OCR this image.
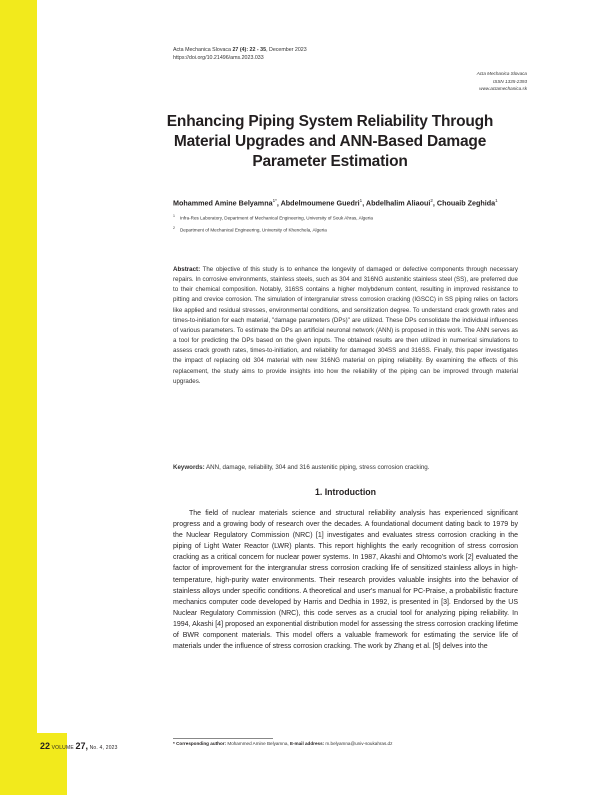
Acta Mechanica Slovaca 27 (4): 22 - 35, December 2023
https://doi.org/10.21496/ams.2023.033
Acta Mechanica Slovaca
ISSN 1335-2393
www.actamechanica.sk
Enhancing Piping System Reliability Through Material Upgrades and ANN-Based Damage Parameter Estimation
Mohammed Amine Belyamna$^{1*}$, Abdelmoumene Guedri$^1$, Abdelhalim Aliaoui$^2$, Chouaib Zeghida$^1$
$^1$ Infra-Res Laboratory, Department of Mechanical Engineering, University of Souk Ahras, Algeria
$^2$ Department of Mechanical Engineering, University of Khenchela, Algeria
Abstract: The objective of this study is to enhance the longevity of damaged or defective components through necessary repairs. In corrosive environments, stainless steels, such as 304 and 316NG austenitic stainless steel (SS), are preferred due to their chemical composition. Notably, 316SS contains a higher molybdenum content, resulting in improved resistance to pitting and crevice corrosion. The simulation of intergranular stress corrosion cracking (IGSCC) in SS piping relies on factors like applied and residual stresses, environmental conditions, and sensitization degree. To understand crack growth rates and times-to-initiation for each material, "damage parameters (DPs)" are utilized. These DPs consolidate the individual influences of various parameters. To estimate the DPs an artificial neuronal network (ANN) is proposed in this work. The ANN serves as a tool for predicting the DPs based on the given inputs. The obtained results are then utilized in numerical simulations to assess crack growth rates, times-to-initiation, and reliability for damaged 304SS and 316SS. Finally, this paper investigates the impact of replacing old 304 material with new 316NG material on piping reliability. By examining the effects of this replacement, the study aims to provide insights into how the reliability of the piping can be improved through material upgrades.
Keywords: ANN, damage, reliability, 304 and 316 austenitic piping, stress corrosion cracking.
1. Introduction

The field of nuclear materials science and structural reliability analysis has experienced significant progress and a growing body of research over the decades. A foundational document dating back to 1979 by the Nuclear Regulatory Commission (NRC) [1] investigates and evaluates stress corrosion cracking in the piping of Light Water Reactor (LWR) plants. This report highlights the early recognition of stress corrosion cracking as a critical concern for nuclear power systems. In 1987, Akashi and Ohtomo's work [2] evaluated the factor of improvement for the intergranular stress corrosion cracking life of sensitized stainless alloys in high-temperature, high-purity water environments. Their research provides valuable insights into the behavior of stainless alloys under specific conditions. A theoretical and user's manual for PC-Praise, a probabilistic fracture mechanics computer code developed by Harris and Dedhia in 1992, is presented in [3]. Endorsed by the US Nuclear Regulatory Commission (NRC), this code serves as a crucial tool for analyzing piping reliability. In 1994, Akashi [4] proposed an exponential distribution model for assessing the stress corrosion cracking lifetime of BWR component materials. This model offers a valuable framework for estimating the service life of materials under the influence of stress corrosion cracking. The work by Zhang et al. [5] delves into the

22 VOLUME 27, No. 4, 2023
* Corresponding author: Mohammed Amine Belyamna, E-mail address: m.belyamna@univ-soukahras.dz
